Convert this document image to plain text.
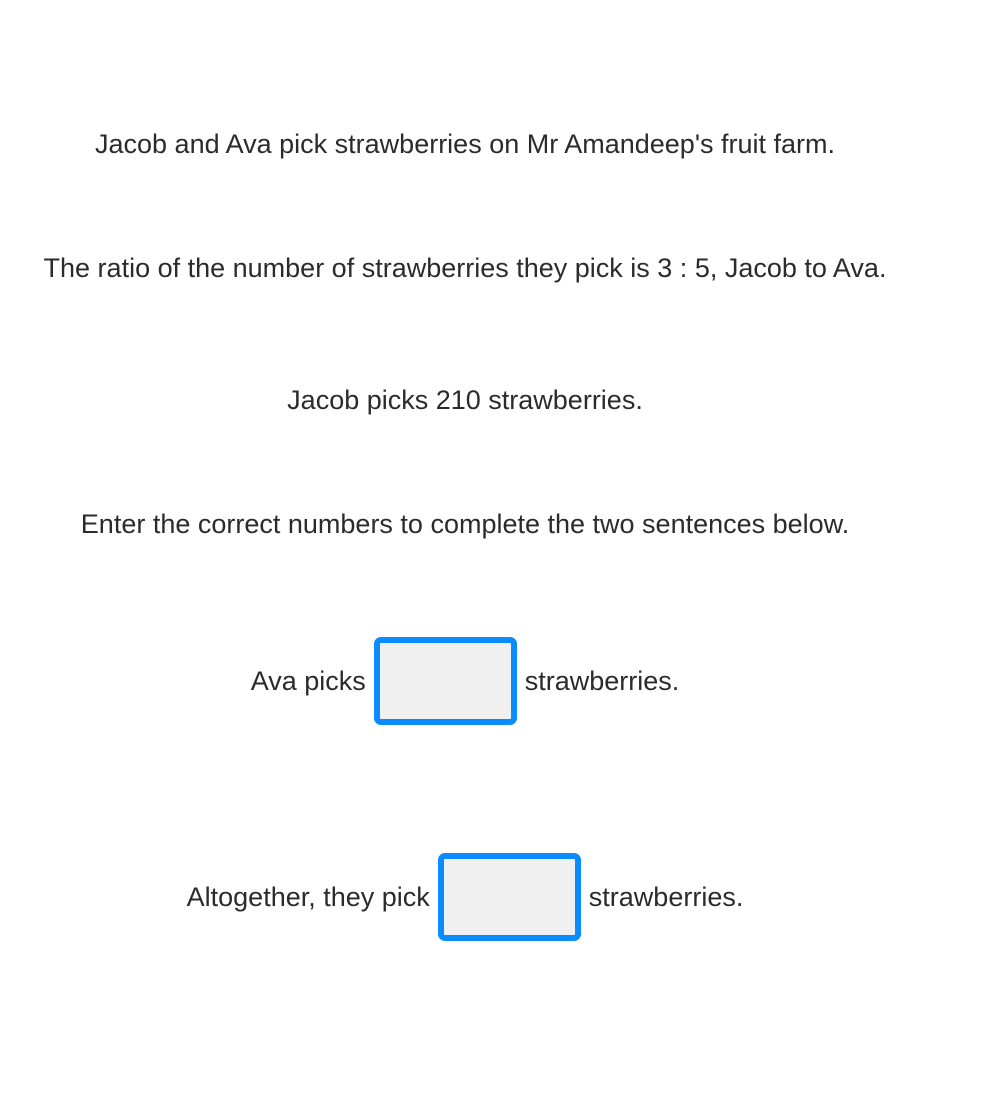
Jacob and Ava pick strawberries on Mr Amandeep's fruit farm.
The ratio of the number of strawberries they pick is 3 : 5, Jacob to Ava.
Jacob picks 210 strawberries.
Enter the correct numbers to complete the two sentences below.
Ava picks	strawberries.
Altogether, they pick	strawberries.
